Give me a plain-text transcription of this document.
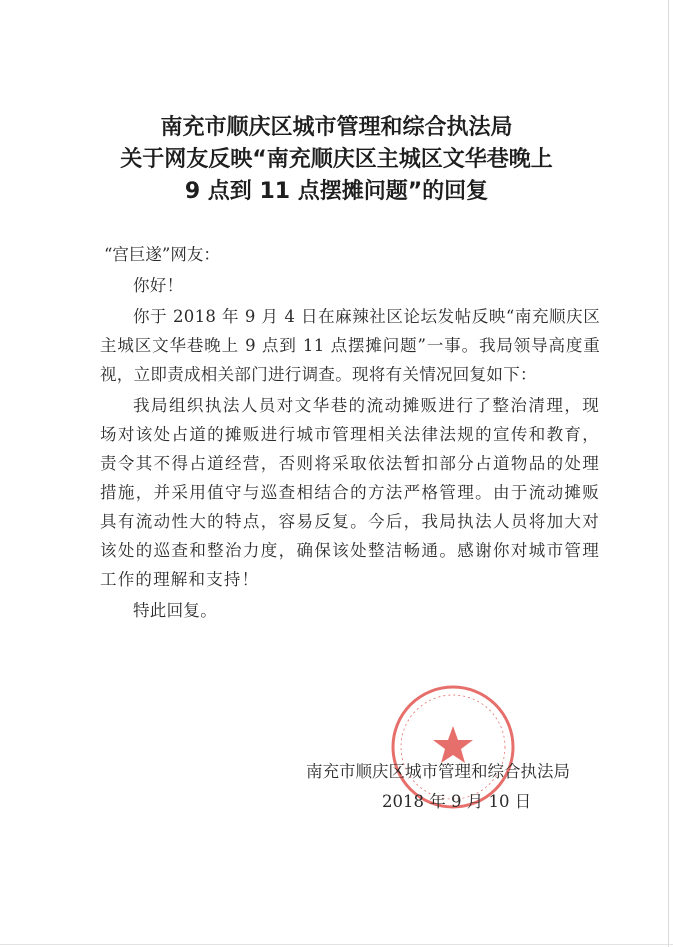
南充市顺庆区城市管理和综合执法局
关于网友反映“南充顺庆区主城区文华巷晚上
9 点到 11 点摆摊问题”的回复

“宫巨遂”网友：

你好！

你于 2018 年 9 月 4 日在麻辣社区论坛发帖反映“南充顺庆区主城区文华巷晚上 9 点到 11 点摆摊问题”一事。我局领导高度重视，立即责成相关部门进行调查。现将有关情况回复如下：

我局组织执法人员对文华巷的流动摊贩进行了整治清理，现场对该处占道的摊贩进行城市管理相关法律法规的宣传和教育，责令其不得占道经营，否则将采取依法暂扣部分占道物品的处理措施，并采用值守与巡查相结合的方法严格管理。由于流动摊贩具有流动性大的特点，容易反复。今后，我局执法人员将加大对该处的巡查和整治力度，确保该处整洁畅通。感谢你对城市管理工作的理解和支持！

特此回复。

南充市顺庆区城市管理和综合执法局
2018 年 9 月 10 日
